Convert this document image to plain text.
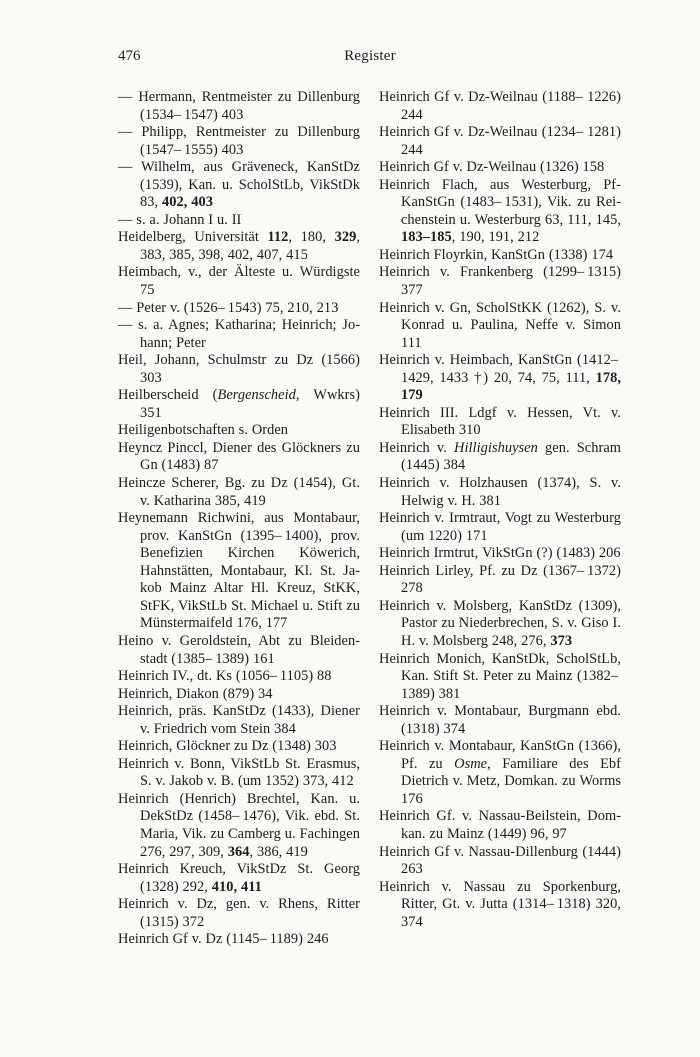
476	Register

— Hermann, Rentmeister zu Dillenburg (1534– 1547) 403

— Philipp, Rentmeister zu Dillenburg (1547– 1555) 403

— Wilhelm, aus Gräveneck, KanStDz (1539), Kan. u. ScholStLb, VikStDk 83, 402, 403

— s. a. Johann I u. II

Heidelberg, Universität 112, 180, 329, 383, 385, 398, 402, 407, 415

Heimbach, v., der Älteste u. Würdigste 75

— Peter v. (1526– 1543) 75, 210, 213

— s. a. Agnes; Katharina; Heinrich; Johann; Peter

Heil, Johann, Schulmstr zu Dz (1566) 303

Heilberscheid (Bergenscheid, Wwkrs) 351

Heiligenbotschaften s. Orden

Heyncz Pinccl, Diener des Glöckners zu Gn (1483) 87

Heincze Scherer, Bg. zu Dz (1454), Gt. v. Katharina 385, 419

Heynemann Richwini, aus Montabaur, prov. KanStGn (1395– 1400), prov. Benefizien Kirchen Köwerich, Hahnstätten, Montabaur, Kl. St. Jakob Mainz Altar Hl. Kreuz, StKK, StFK, VikStLb St. Michael u. Stift zu Münstermaifeld 176, 177

Heino v. Geroldstein, Abt zu Bleidenstadt (1385– 1389) 161

Heinrich IV., dt. Ks (1056– 1105) 88

Heinrich, Diakon (879) 34

Heinrich, präs. KanStDz (1433), Diener v. Friedrich vom Stein 384

Heinrich, Glöckner zu Dz (1348) 303

Heinrich v. Bonn, VikStLb St. Erasmus, S. v. Jakob v. B. (um 1352) 373, 412

Heinrich (Henrich) Brechtel, Kan. u. DekStDz (1458– 1476), Vik. ebd. St. Maria, Vik. zu Camberg u. Fachingen 276, 297, 309, 364, 386, 419

Heinrich Kreuch, VikStDz St. Georg (1328) 292, 410, 411

Heinrich v. Dz, gen. v. Rhens, Ritter (1315) 372

Heinrich Gf v. Dz (1145– 1189) 246

Heinrich Gf v. Dz-Weilnau (1188– 1226) 244

Heinrich Gf v. Dz-Weilnau (1234– 1281) 244

Heinrich Gf v. Dz-Weilnau (1326) 158

Heinrich Flach, aus Westerburg, Pf-KanStGn (1483– 1531), Vik. zu Reichenstein u. Westerburg 63, 111, 145, 183–185, 190, 191, 212

Heinrich Floyrkin, KanStGn (1338) 174

Heinrich v. Frankenberg (1299– 1315) 377

Heinrich v. Gn, ScholStKK (1262), S. v. Konrad u. Paulina, Neffe v. Simon 111

Heinrich v. Heimbach, KanStGn (1412– 1429, 1433 †) 20, 74, 75, 111, 178, 179

Heinrich III. Ldgf v. Hessen, Vt. v. Elisabeth 310

Heinrich v. Hilligishuysen gen. Schram (1445) 384

Heinrich v. Holzhausen (1374), S. v. Helwig v. H. 381

Heinrich v. Irmtraut, Vogt zu Westerburg (um 1220) 171

Heinrich Irmtrut, VikStGn (?) (1483) 206

Heinrich Lirley, Pf. zu Dz (1367– 1372) 278

Heinrich v. Molsberg, KanStDz (1309), Pastor zu Niederbrechen, S. v. Giso I. H. v. Molsberg 248, 276, 373

Heinrich Monich, KanStDk, ScholStLb, Kan. Stift St. Peter zu Mainz (1382– 1389) 381

Heinrich v. Montabaur, Burgmann ebd. (1318) 374

Heinrich v. Montabaur, KanStGn (1366), Pf. zu Osme, Familiare des Ebf Dietrich v. Metz, Domkan. zu Worms 176

Heinrich Gf. v. Nassau-Beilstein, Domkan. zu Mainz (1449) 96, 97

Heinrich Gf v. Nassau-Dillenburg (1444) 263

Heinrich v. Nassau zu Sporkenburg, Ritter, Gt. v. Jutta (1314– 1318) 320, 374
